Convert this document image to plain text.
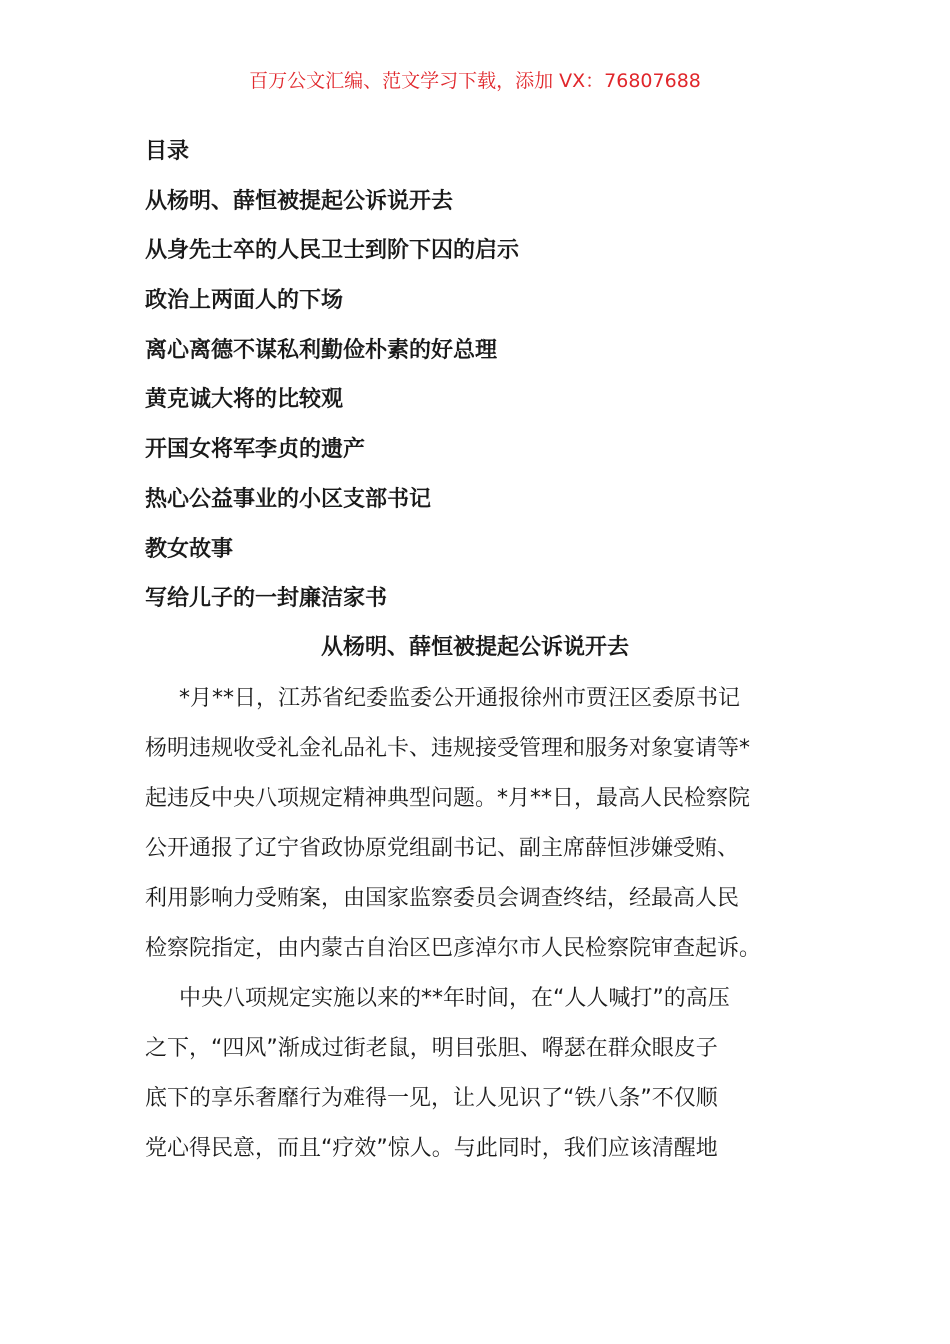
百万公文汇编、范文学习下载，添加 VX：76807688
目录
从杨明、薛恒被提起公诉说开去
从身先士卒的人民卫士到阶下囚的启示
政治上两面人的下场
离心离德不谋私利勤俭朴素的好总理
黄克诚大将的比较观
开国女将军李贞的遗产
热心公益事业的小区支部书记
教女故事
写给儿子的一封廉洁家书
从杨明、薛恒被提起公诉说开去
*月**日，江苏省纪委监委公开通报徐州市贾汪区委原书记
杨明违规收受礼金礼品礼卡、违规接受管理和服务对象宴请等*
起违反中央八项规定精神典型问题。*月**日，最高人民检察院
公开通报了辽宁省政协原党组副书记、副主席薛恒涉嫌受贿、
利用影响力受贿案，由国家监察委员会调查终结，经最高人民
检察院指定，由内蒙古自治区巴彦淖尔市人民检察院审查起诉。
中央八项规定实施以来的**年时间，在“人人喊打”的高压
之下，“四风”渐成过街老鼠，明目张胆、嘚瑟在群众眼皮子
底下的享乐奢靡行为难得一见，让人见识了“铁八条”不仅顺
党心得民意，而且“疗效”惊人。与此同时，我们应该清醒地
